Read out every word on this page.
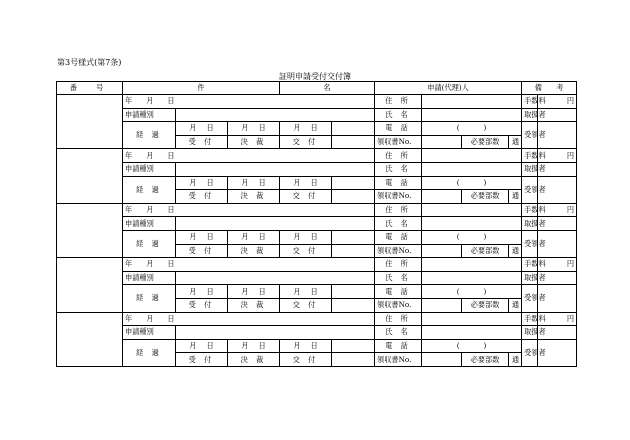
第3号様式(第7条)
証明申請受付交付簿
番　号	件			名		申請(代理)人				備　　考	
	年 月 日					住 所				手数料	円
	申請種別					氏 名				取扱者	
	経 過	月 日	月 日	月 日		電 話	( )			受領者	
		受 付	決 裁	交 付		領収書No.		必要部数	通		
	年 月 日					住 所				手数料	円
	申請種別					氏 名				取扱者	
	経 過	月 日	月 日	月 日		電 話	( )			受領者	
		受 付	決 裁	交 付		領収書No.		必要部数	通		
	年 月 日					住 所				手数料	円
	申請種別					氏 名				取扱者	
	経 過	月 日	月 日	月 日		電 話	( )			受領者	
		受 付	決 裁	交 付		領収書No.		必要部数	通		
	年 月 日					住 所				手数料	円
	申請種別					氏 名				取扱者	
	経 過	月 日	月 日	月 日		電 話	( )			受領者	
		受 付	決 裁	交 付		領収書No.		必要部数	通		
	年 月 日					住 所				手数料	円
	申請種別					氏 名				取扱者	
	経 過	月 日	月 日	月 日		電 話	( )			受領者	
		受 付	決 裁	交 付		領収書No.		必要部数	通		
